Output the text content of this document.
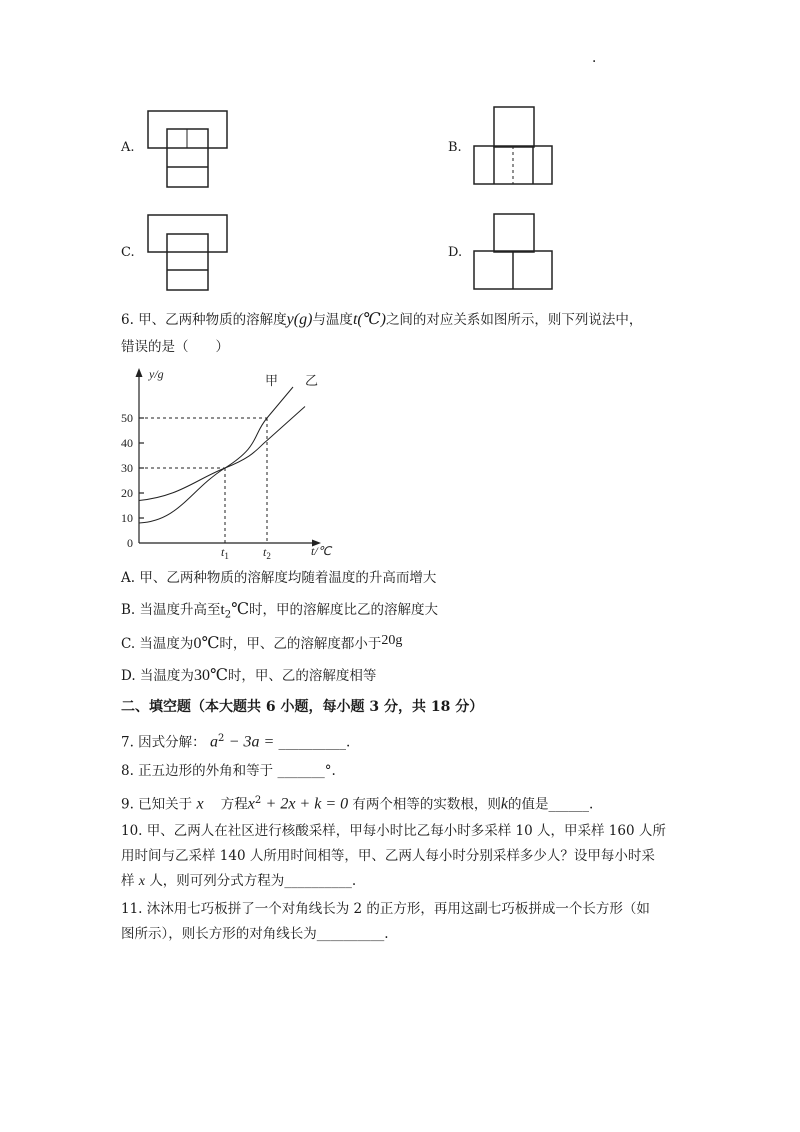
.
A.	B.
C.	D.
6. 甲、乙两种物质的溶解度y(g)与温度t(℃)之间的对应关系如图所示，则下列说法中，
错误的是（　　）
0
10
20
30
40
50
$t_1$	$t_2$
y/g
t/℃
甲 乙
A. 甲、乙两种物质的溶解度均随着温度的升高而增大
B. 当温度升高至$t_2℃$时，甲的溶解度比乙的溶解度大
C. 当温度为0℃时，甲、乙的溶解度都小于20g
D. 当温度为30℃时，甲、乙的溶解度相等
二、填空题（本大题共 6 小题，每小题 3 分，共 18 分）
7. 因式分解： $a^2 - 3a$ = __________.
8. 正五边形的外角和等于 _______°.
9. 已知关于 x 方程$x^2 + 2x + k = 0$ 有两个相等的实数根，则k的值是______.
10. 甲、乙两人在社区进行核酸采样，甲每小时比乙每小时多采样 10 人，甲采样 160 人所
用时间与乙采样 140 人所用时间相等，甲、乙两人每小时分别采样多少人？设甲每小时采
样 x 人，则可列分式方程为__________.
11. 沐沐用七巧板拼了一个对角线长为 2 的正方形，再用这副七巧板拼成一个长方形（如
图所示），则长方形的对角线长为__________.
